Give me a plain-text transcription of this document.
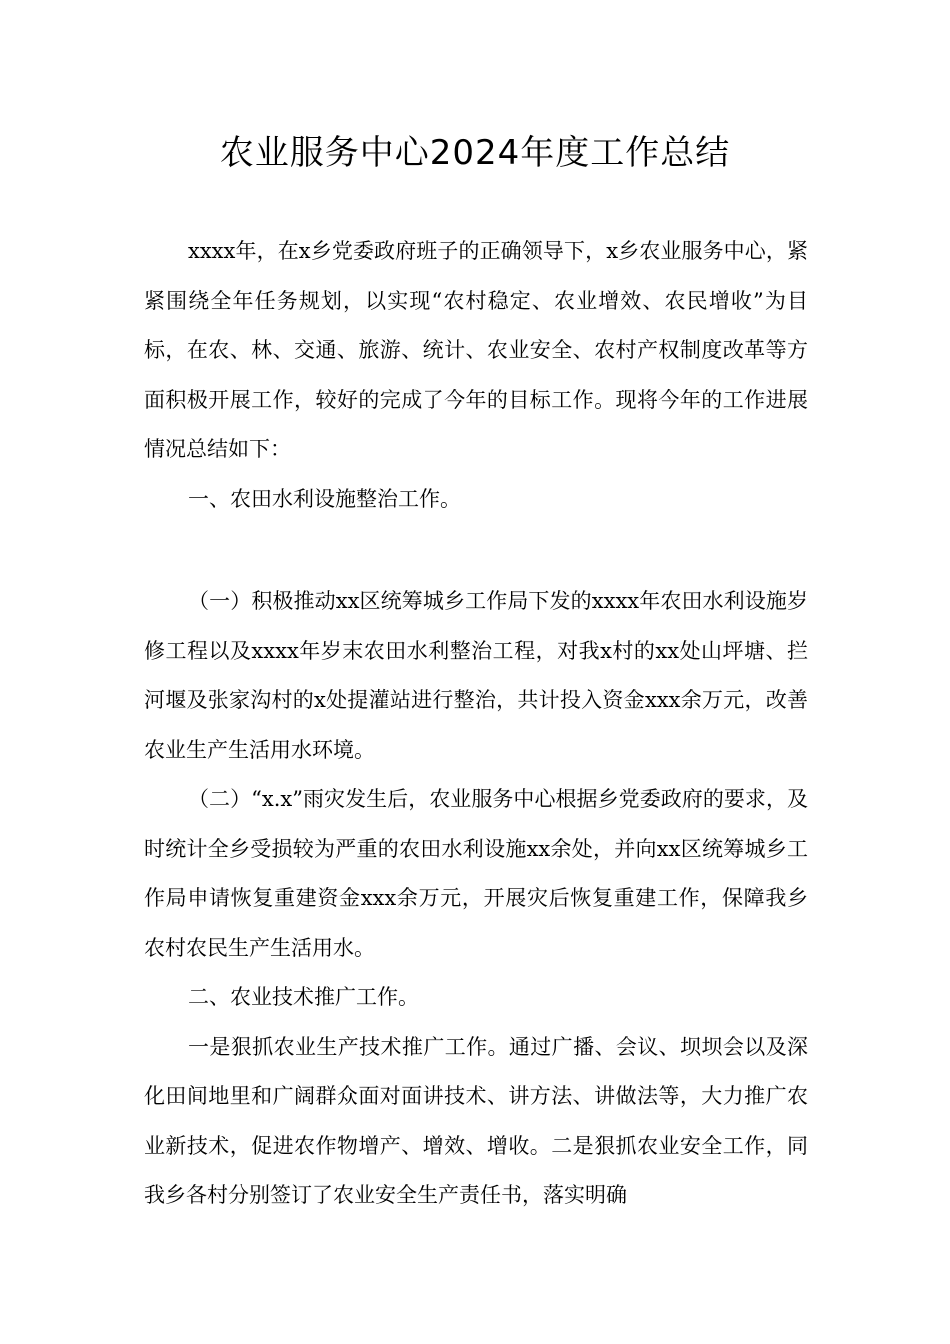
农业服务中心2024年度工作总结

xxxx年，在x乡党委政府班子的正确领导下，x乡农业服务中心，紧紧围绕全年任务规划，以实现“农村稳定、农业增效、农民增收”为目标，在农、林、交通、旅游、统计、农业安全、农村产权制度改革等方面积极开展工作，较好的完成了今年的目标工作。现将今年的工作进展情况总结如下：

一、农田水利设施整治工作。

（一）积极推动xx区统筹城乡工作局下发的xxxx年农田水利设施岁修工程以及xxxx年岁末农田水利整治工程，对我x村的xx处山坪塘、拦河堰及张家沟村的x处提灌站进行整治，共计投入资金xxx余万元，改善农业生产生活用水环境。

（二）“x.x”雨灾发生后，农业服务中心根据乡党委政府的要求，及时统计全乡受损较为严重的农田水利设施xx余处，并向xx区统筹城乡工作局申请恢复重建资金xxx余万元，开展灾后恢复重建工作，保障我乡农村农民生产生活用水。

二、农业技术推广工作。

一是狠抓农业生产技术推广工作。通过广播、会议、坝坝会以及深化田间地里和广阔群众面对面讲技术、讲方法、讲做法等，大力推广农业新技术，促进农作物增产、增效、增收。二是狠抓农业安全工作，同我乡各村分别签订了农业安全生产责任书，落实明确
